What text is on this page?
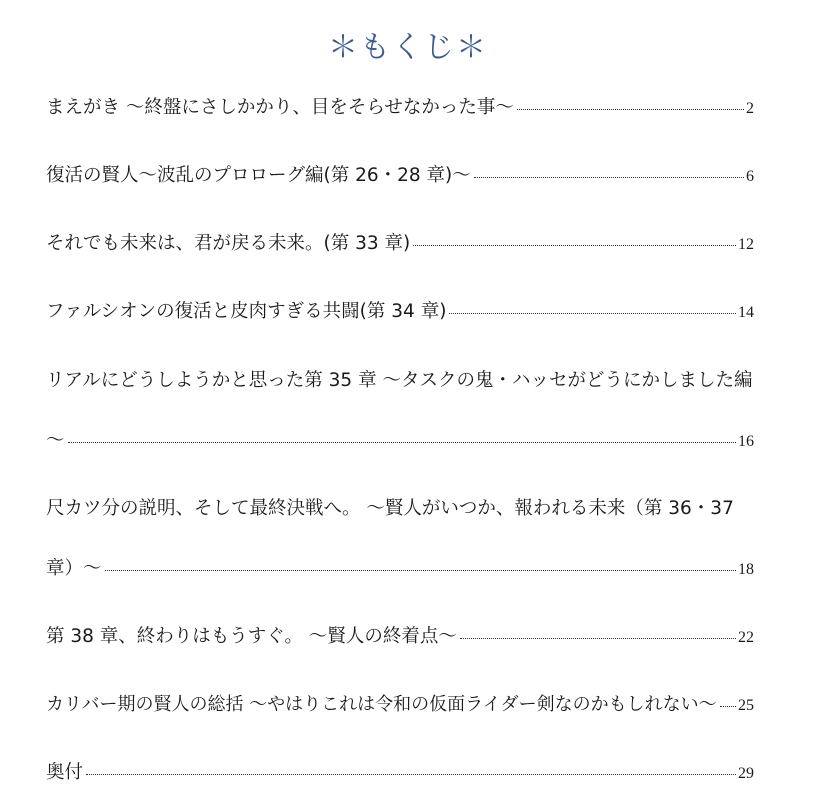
＊もくじ＊
まえがき ～終盤にさしかかり、目をそらせなかった事～	2
復活の賢人～波乱のプロローグ編(第 26・28 章)～	6
それでも未来は、君が戻る未来。(第 33 章)	12
ファルシオンの復活と皮肉すぎる共闘(第 34 章)	14
リアルにどうしようかと思った第 35 章 ～タスクの鬼・ハッセがどうにかしました編
～	16
尺カツ分の説明、そして最終決戦へ。 ～賢人がいつか、報われる未来（第 36・37
章）～	18
第 38 章、終わりはもうすぐ。 ～賢人の終着点～	22
カリバー期の賢人の総括 ～やはりこれは令和の仮面ライダー剣なのかもしれない～ 25
奥付	29
